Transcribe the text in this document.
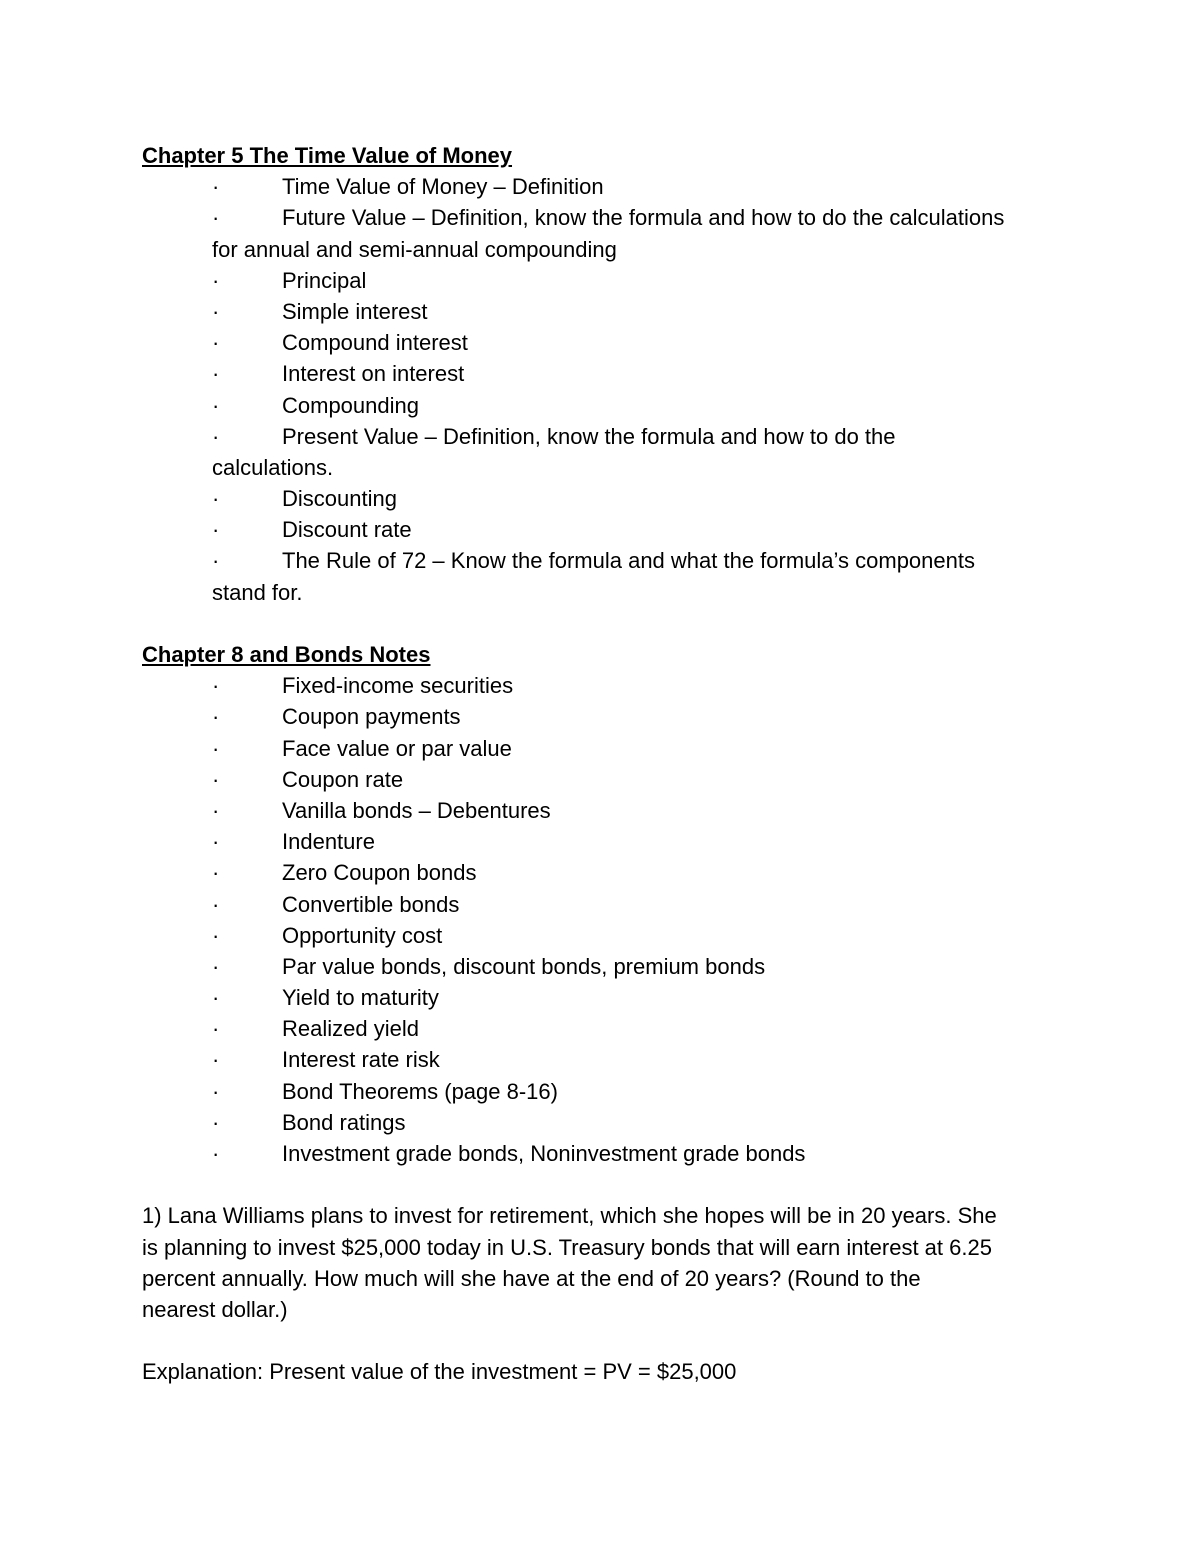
Chapter 5 The Time Value of Money
·	Time Value of Money – Definition
·	Future Value – Definition, know the formula and how to do the calculations
for annual and semi-annual compounding
·	Principal
·	Simple interest
·	Compound interest
·	Interest on interest
·	Compounding
·	Present Value – Definition, know the formula and how to do the
calculations.
·	Discounting
·	Discount rate
·	The Rule of 72 – Know the formula and what the formula’s components
stand for.
Chapter 8 and Bonds Notes
·	Fixed-income securities
·	Coupon payments
·	Face value or par value
·	Coupon rate
·	Vanilla bonds – Debentures
·	Indenture
·	Zero Coupon bonds
·	Convertible bonds
·	Opportunity cost
·	Par value bonds, discount bonds, premium bonds
·	Yield to maturity
·	Realized yield
·	Interest rate risk
·	Bond Theorems (page 8-16)
·	Bond ratings
·	Investment grade bonds, Noninvestment grade bonds
1) Lana Williams plans to invest for retirement, which she hopes will be in 20 years. She
is planning to invest $25,000 today in U.S. Treasury bonds that will earn interest at 6.25
percent annually. How much will she have at the end of 20 years? (Round to the
nearest dollar.)
Explanation: Present value of the investment = PV = $25,000
